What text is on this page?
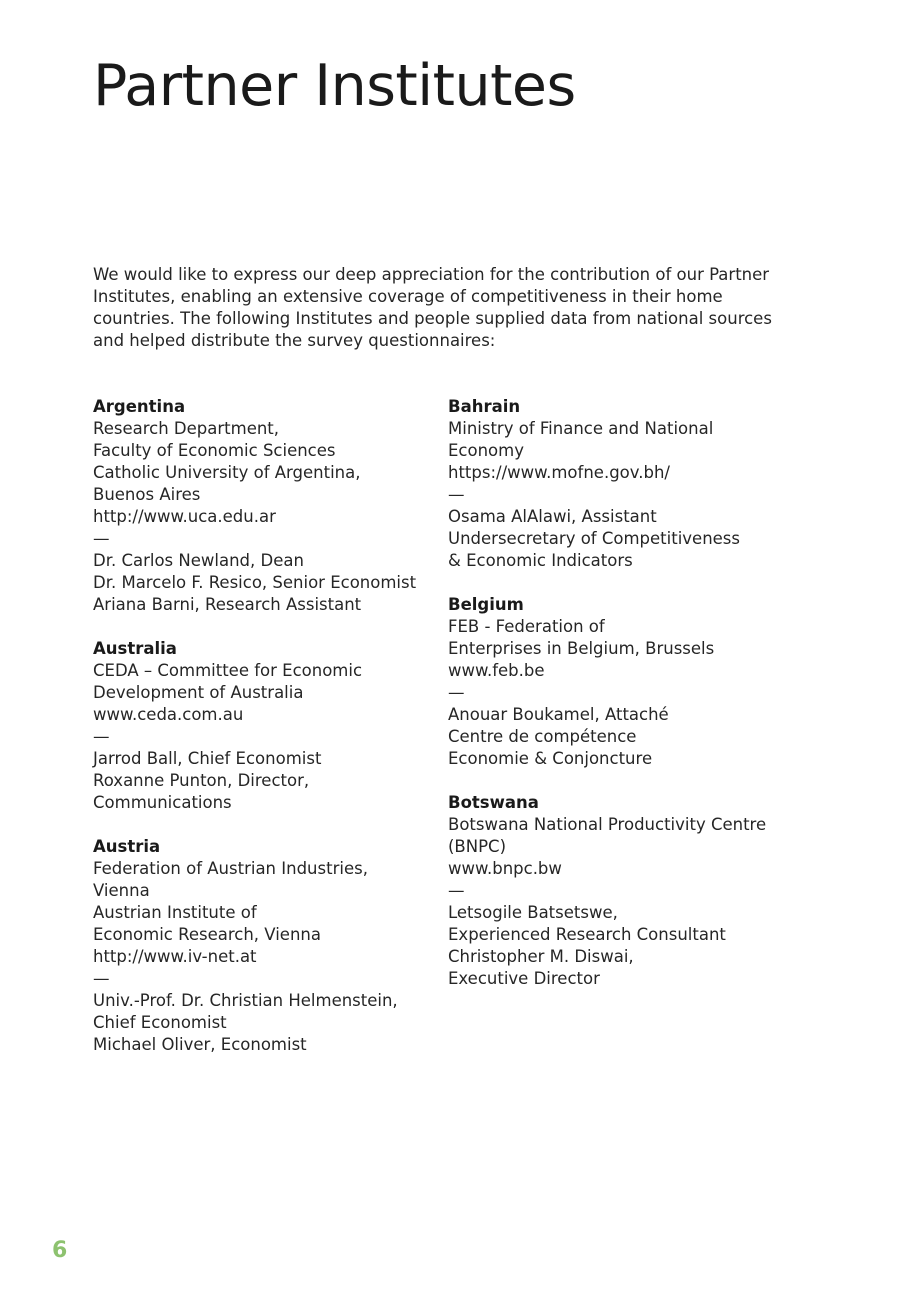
Partner Institutes
We would like to express our deep appreciation for the contribution of our Partner
Institutes, enabling an extensive coverage of competitiveness in their home
countries. The following Institutes and people supplied data from national sources
and helped distribute the survey questionnaires:
Argentina
Research Department,
Faculty of Economic Sciences
Catholic University of Argentina,
Buenos Aires
http://www.uca.edu.ar
—
Dr. Carlos Newland, Dean
Dr. Marcelo F. Resico, Senior Economist
Ariana Barni, Research Assistant
Australia
CEDA – Committee for Economic
Development of Australia
www.ceda.com.au
—
Jarrod Ball, Chief Economist
Roxanne Punton, Director,
Communications
Austria
Federation of Austrian Industries,
Vienna
Austrian Institute of
Economic Research, Vienna
http://www.iv-net.at
—
Univ.-Prof. Dr. Christian Helmenstein,
Chief Economist
Michael Oliver, Economist
Bahrain
Ministry of Finance and National
Economy
https://www.mofne.gov.bh/
—
Osama AlAlawi, Assistant
Undersecretary of Competitiveness
& Economic Indicators
Belgium
FEB - Federation of
Enterprises in Belgium, Brussels
www.feb.be
—
Anouar Boukamel, Attaché
Centre de compétence
Economie & Conjoncture
Botswana
Botswana National Productivity Centre
(BNPC)
www.bnpc.bw
—
Letsogile Batsetswe,
Experienced Research Consultant
Christopher M. Diswai,
Executive Director
6
